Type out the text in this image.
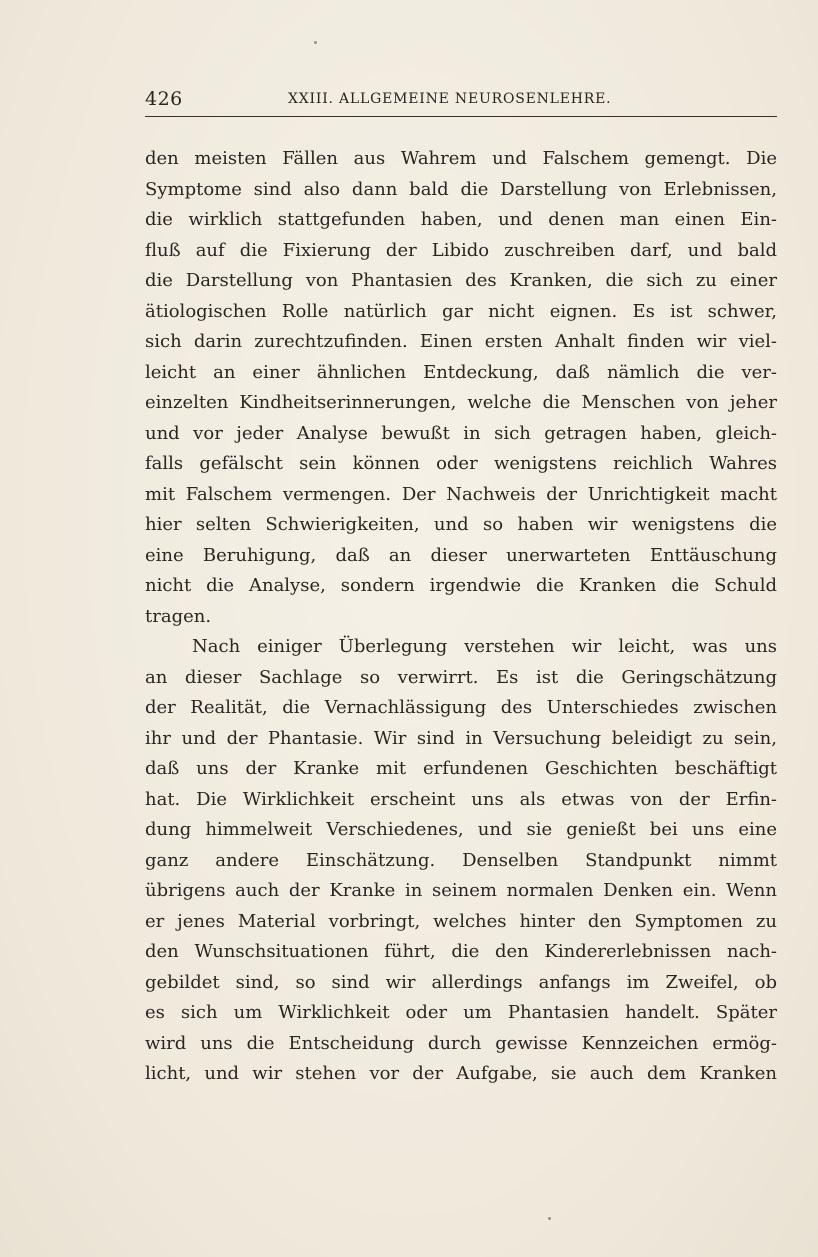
426	XXIII. ALLGEMEINE NEUROSENLEHRE.
den meisten Fällen aus Wahrem und Falschem gemengt. Die
Symptome sind also dann bald die Darstellung von Erlebnissen,
die wirklich stattgefunden haben, und denen man einen Ein-
fluß auf die Fixierung der Libido zuschreiben darf, und bald
die Darstellung von Phantasien des Kranken, die sich zu einer
ätiologischen Rolle natürlich gar nicht eignen. Es ist schwer,
sich darin zurechtzufinden. Einen ersten Anhalt finden wir viel-
leicht an einer ähnlichen Entdeckung, daß nämlich die ver-
einzelten Kindheitserinnerungen, welche die Menschen von jeher
und vor jeder Analyse bewußt in sich getragen haben, gleich-
falls gefälscht sein können oder wenigstens reichlich Wahres
mit Falschem vermengen. Der Nachweis der Unrichtigkeit macht
hier selten Schwierigkeiten, und so haben wir wenigstens die
eine Beruhigung, daß an dieser unerwarteten Enttäuschung
nicht die Analyse, sondern irgendwie die Kranken die Schuld
tragen.
Nach einiger Überlegung verstehen wir leicht, was uns
an dieser Sachlage so verwirrt. Es ist die Geringschätzung
der Realität, die Vernachlässigung des Unterschiedes zwischen
ihr und der Phantasie. Wir sind in Versuchung beleidigt zu sein,
daß uns der Kranke mit erfundenen Geschichten beschäftigt
hat. Die Wirklichkeit erscheint uns als etwas von der Erfin-
dung himmelweit Verschiedenes, und sie genießt bei uns eine
ganz andere Einschätzung. Denselben Standpunkt nimmt
übrigens auch der Kranke in seinem normalen Denken ein. Wenn
er jenes Material vorbringt, welches hinter den Symptomen zu
den Wunschsituationen führt, die den Kindererlebnissen nach-
gebildet sind, so sind wir allerdings anfangs im Zweifel, ob
es sich um Wirklichkeit oder um Phantasien handelt. Später
wird uns die Entscheidung durch gewisse Kennzeichen ermög-
licht, und wir stehen vor der Aufgabe, sie auch dem Kranken
